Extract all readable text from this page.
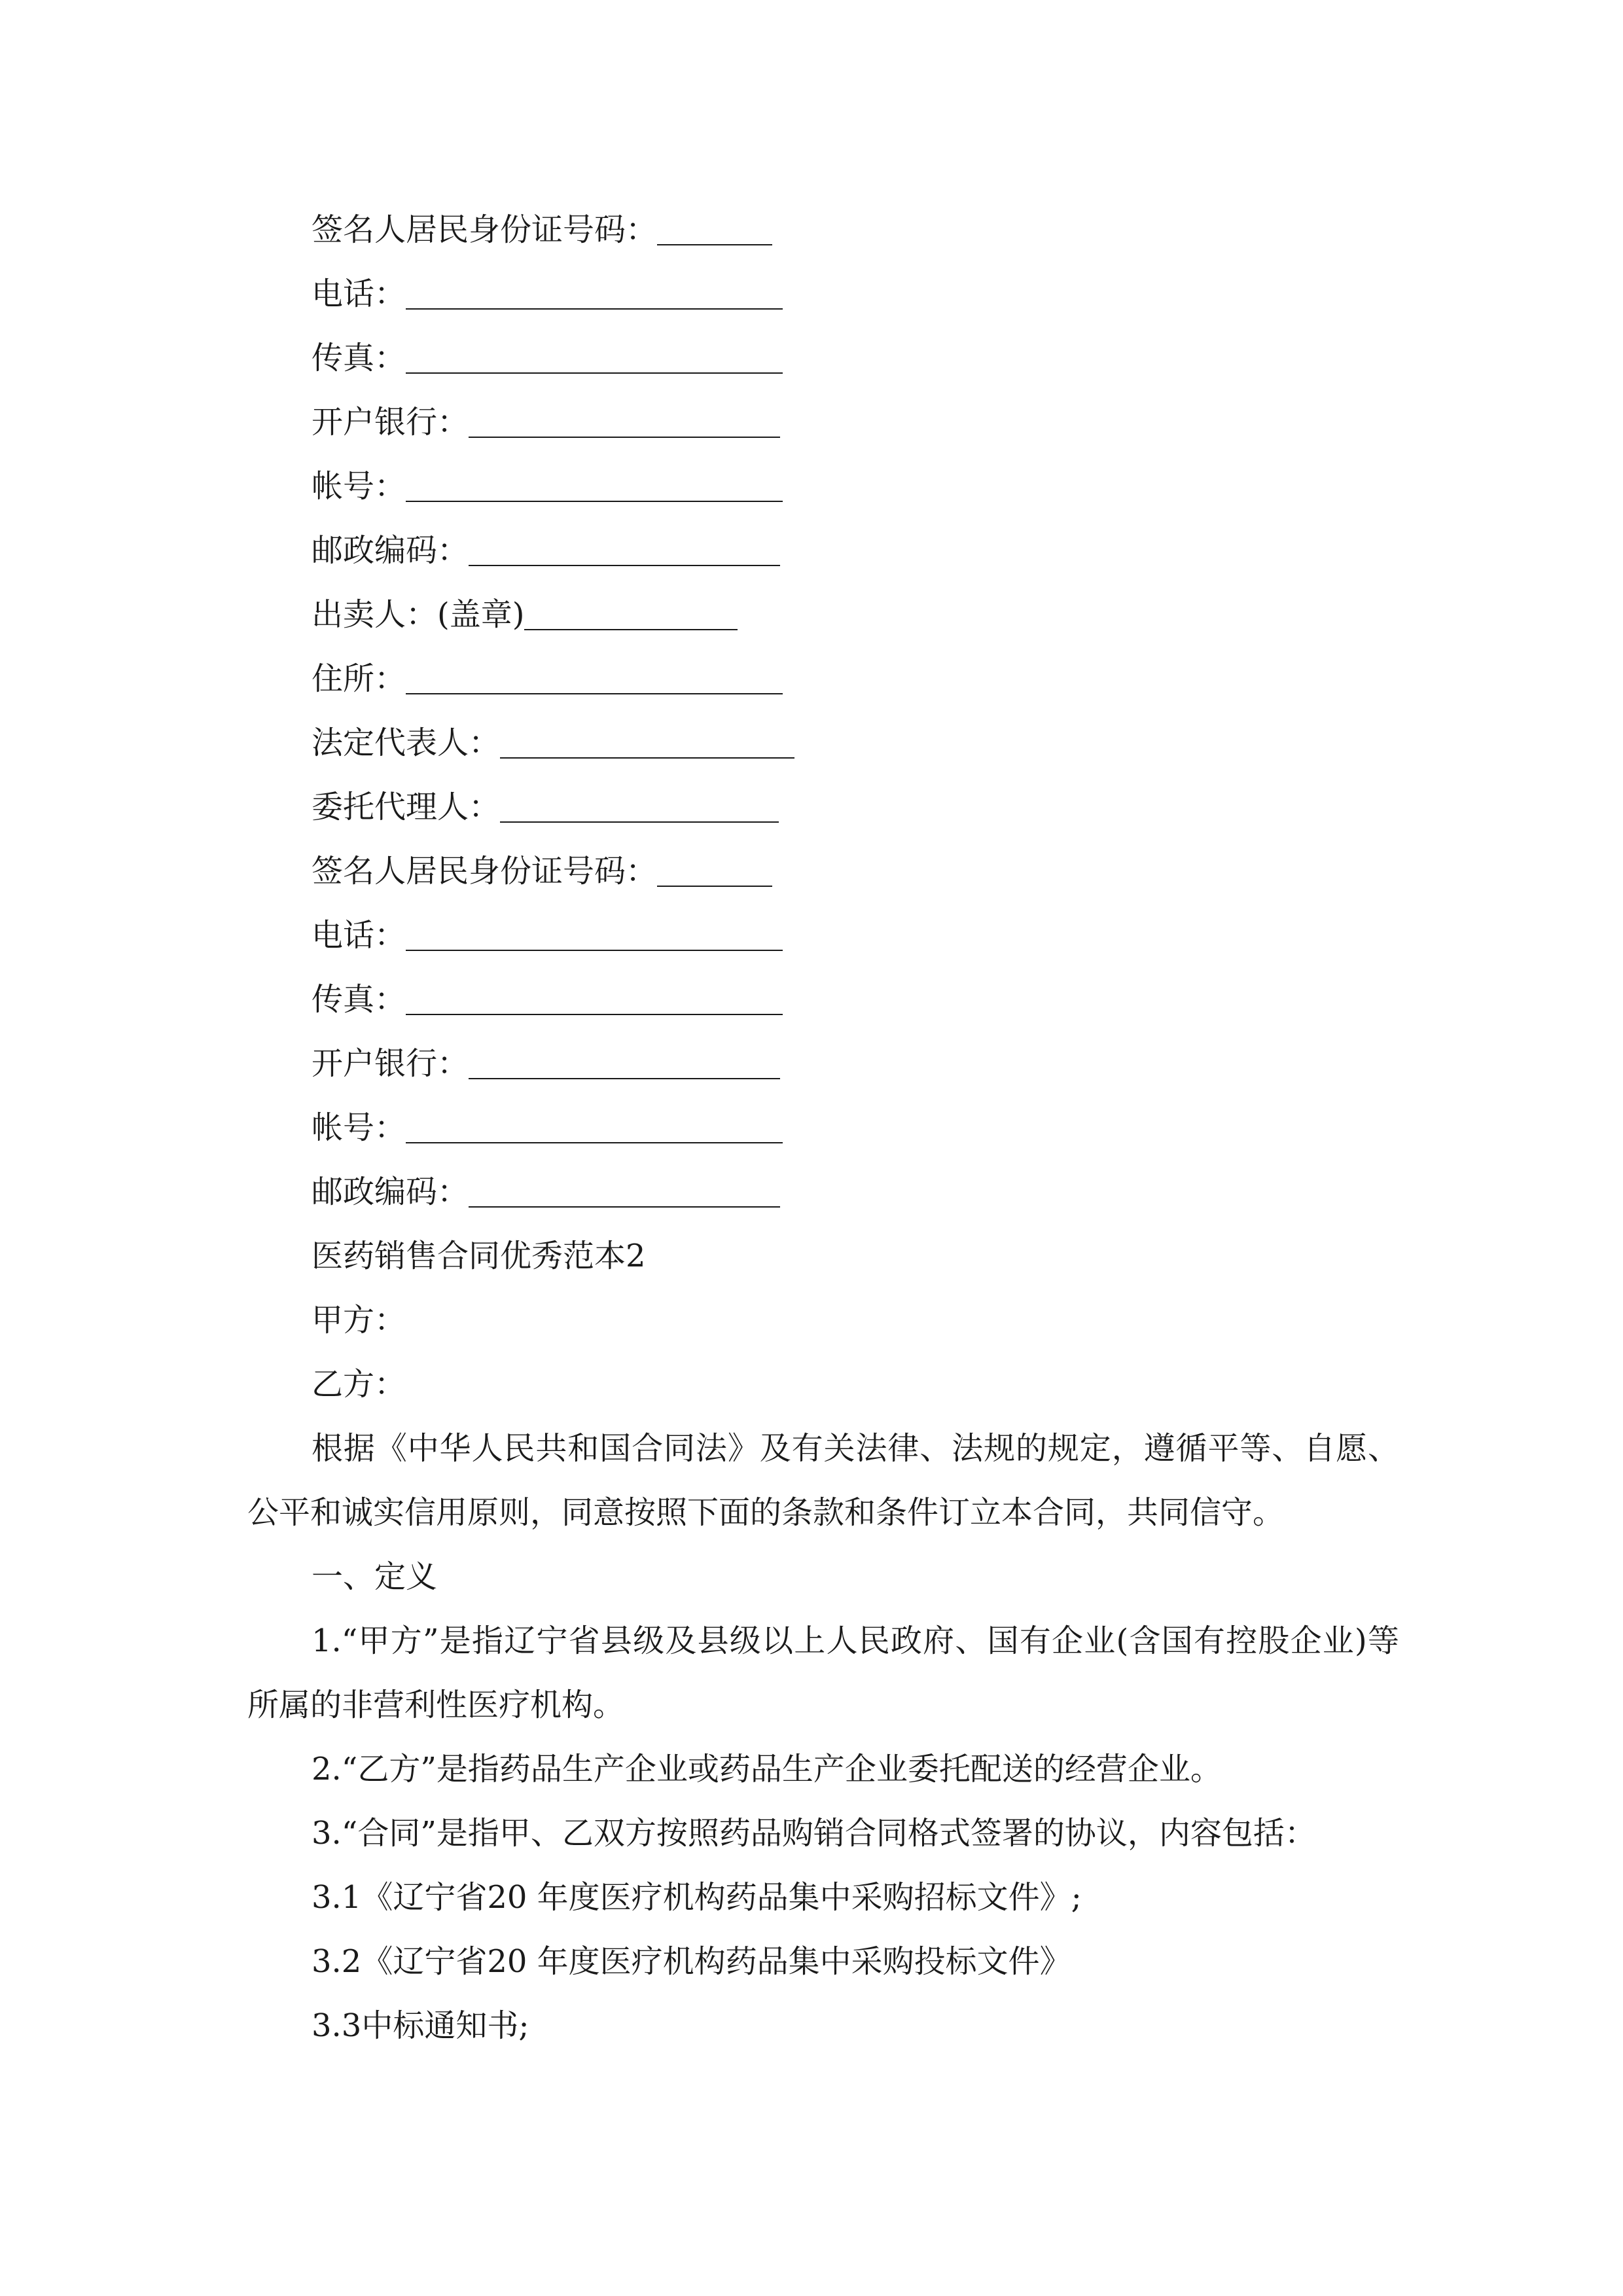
签名人居民身份证号码：
电话：
传真：
开户银行：
帐号：
邮政编码：
出卖人：(盖章)
住所：
法定代表人：
委托代理人：
签名人居民身份证号码：
电话：
传真：
开户银行：
帐号：
邮政编码：
医药销售合同优秀范本2
甲方：
乙方：
根据《中华人民共和国合同法》及有关法律、法规的规定，遵循平等、自愿、公平和诚实信用原则，同意按照下面的条款和条件订立本合同，共同信守。
一、定义
1.“甲方”是指辽宁省县级及县级以上人民政府、国有企业(含国有控股企业)等所属的非营利性医疗机构。
2.“乙方”是指药品生产企业或药品生产企业委托配送的经营企业。
3.“合同”是指甲、乙双方按照药品购销合同格式签署的协议，内容包括：
3.1《辽宁省20 年度医疗机构药品集中采购招标文件》;
3.2《辽宁省20 年度医疗机构药品集中采购投标文件》
3.3中标通知书;
